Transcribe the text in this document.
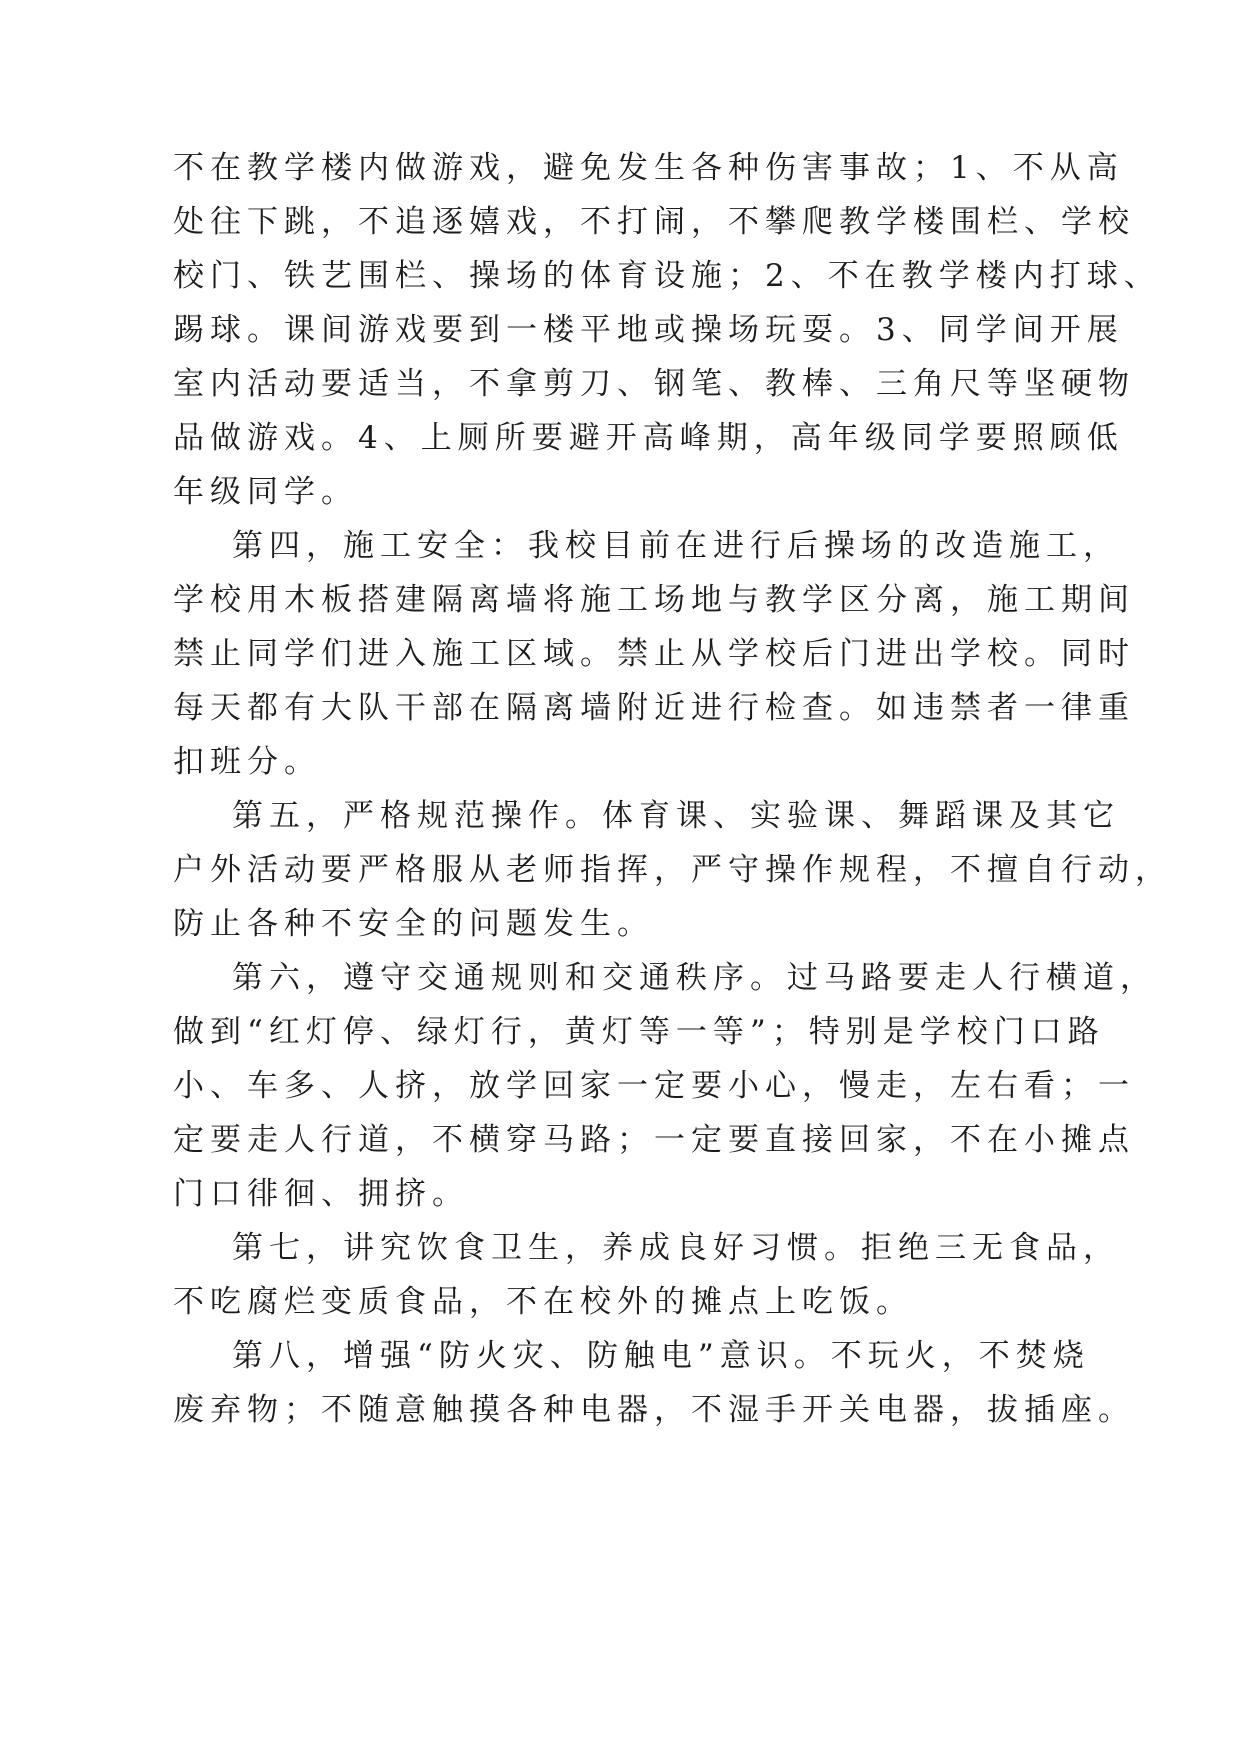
不在教学楼内做游戏，避免发生各种伤害事故；1、不从高

处往下跳，不追逐嬉戏，不打闹，不攀爬教学楼围栏、学校

校门、铁艺围栏、操场的体育设施；2、不在教学楼内打球、

踢球。课间游戏要到一楼平地或操场玩耍。3、同学间开展

室内活动要适当，不拿剪刀、钢笔、教棒、三角尺等坚硬物

品做游戏。4、上厕所要避开高峰期，高年级同学要照顾低

年级同学。

第四，施工安全：我校目前在进行后操场的改造施工，

学校用木板搭建隔离墙将施工场地与教学区分离，施工期间

禁止同学们进入施工区域。禁止从学校后门进出学校。同时

每天都有大队干部在隔离墙附近进行检查。如违禁者一律重

扣班分。

第五，严格规范操作。体育课、实验课、舞蹈课及其它

户外活动要严格服从老师指挥，严守操作规程，不擅自行动，

防止各种不安全的问题发生。

第六，遵守交通规则和交通秩序。过马路要走人行横道，

做到“红灯停、绿灯行，黄灯等一等”；特别是学校门口路

小、车多、人挤，放学回家一定要小心，慢走，左右看；一

定要走人行道，不横穿马路；一定要直接回家，不在小摊点

门口徘徊、拥挤。

第七，讲究饮食卫生，养成良好习惯。拒绝三无食品，

不吃腐烂变质食品，不在校外的摊点上吃饭。

第八，增强“防火灾、防触电”意识。不玩火，不焚烧

废弃物；不随意触摸各种电器，不湿手开关电器，拔插座。
